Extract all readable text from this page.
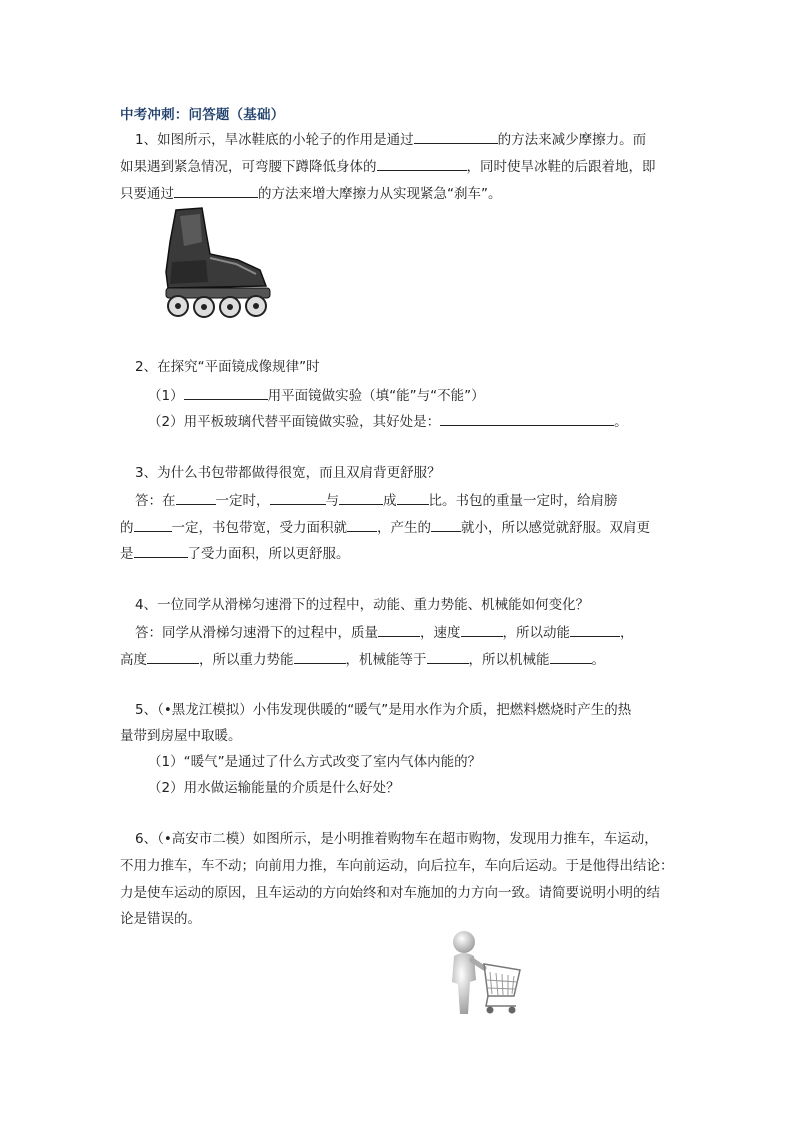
中考冲刺：问答题（基础）
1、如图所示，旱冰鞋底的小轮子的作用是通过	的方法来减少摩擦力。而
如果遇到紧急情况，可弯腰下蹲降低身体的	，同时使旱冰鞋的后跟着地，即
只要通过	的方法来增大摩擦力从实现紧急“刹车”。
2、在探究“平面镜成像规律”时
（1）	用平面镜做实验（填“能”与“不能”）
（2）用平板玻璃代替平面镜做实验，其好处是：	。
3、为什么书包带都做得很宽，而且双肩背更舒服？
答：在	一定时，	与	成 比。书包的重量一定时，给肩膀
的	一定，书包带宽，受力面积就 ，产生的 就小，所以感觉就舒服。双肩更
是	了受力面积，所以更舒服。
4、一位同学从滑梯匀速滑下的过程中，动能、重力势能、机械能如何变化？
答：同学从滑梯匀速滑下的过程中，质量	，速度	，所以动能	，
高度	，所以重力势能	，机械能等于	，所以机械能	。
5、（•黑龙江模拟）小伟发现供暖的“暖气”是用水作为介质，把燃料燃烧时产生的热
量带到房屋中取暖。
（1）“暖气”是通过了什么方式改变了室内气体内能的？
（2）用水做运输能量的介质是什么好处？
6、（•高安市二模）如图所示，是小明推着购物车在超市购物，发现用力推车，车运动，
不用力推车，车不动；向前用力推，车向前运动，向后拉车，车向后运动。于是他得出结论：
力是使车运动的原因，且车运动的方向始终和对车施加的力方向一致。请简要说明小明的结
论是错误的。
